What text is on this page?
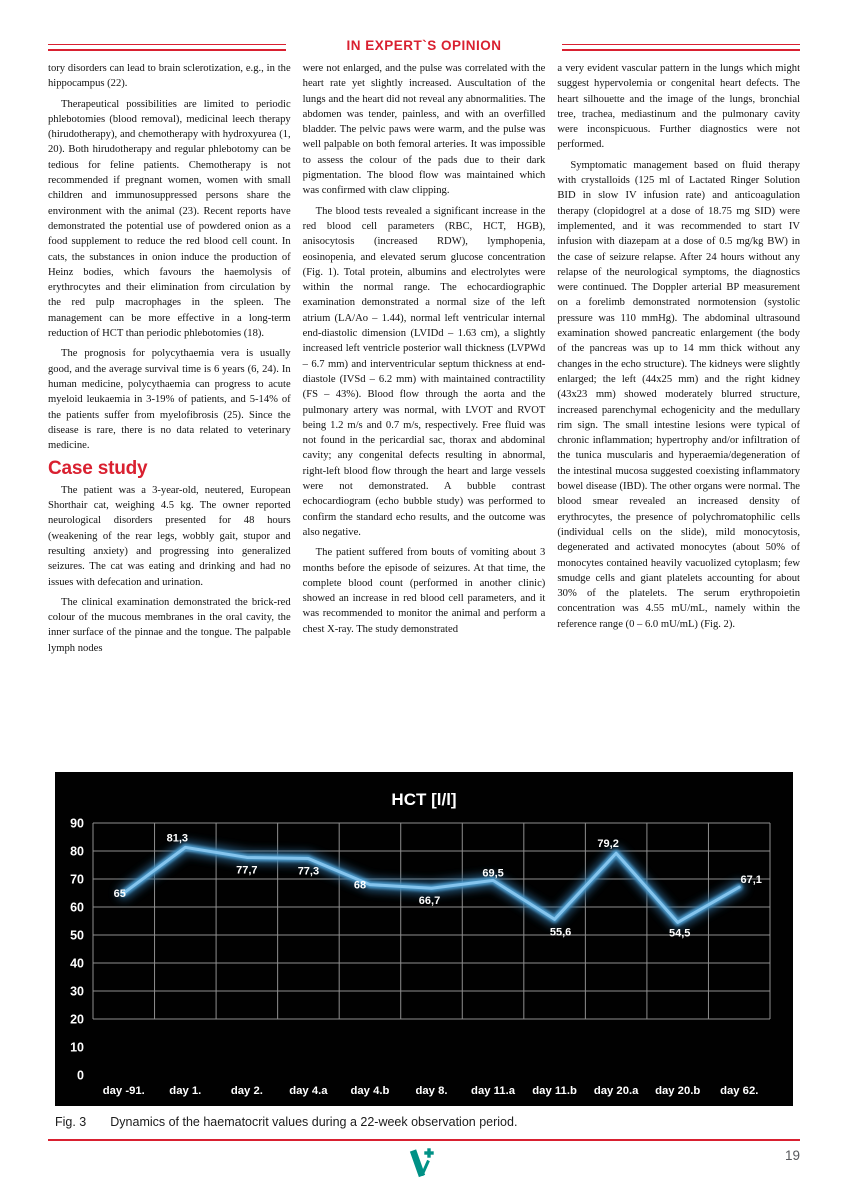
IN EXPERT`S OPINION

tory disorders can lead to brain sclerotization, e.g., in the hippocampus (22).

Therapeutical possibilities are limited to periodic phlebotomies (blood removal), medicinal leech therapy (hirudotherapy), and chemotherapy with hydroxyurea (1, 20). Both hirudotherapy and regular phlebotomy can be tedious for feline patients. Chemotherapy is not recommended if pregnant women, women with small children and immunosuppressed persons share the environment with the animal (23). Recent reports have demonstrated the potential use of powdered onion as a food supplement to reduce the red blood cell count. In cats, the substances in onion induce the production of Heinz bodies, which favours the haemolysis of erythrocytes and their elimination from circulation by the red pulp macrophages in the spleen. The management can be more effective in a long-term reduction of HCT than periodic phlebotomies (18).

The prognosis for polycythaemia vera is usually good, and the average survival time is 6 years (6, 24). In human medicine, polycythaemia can progress to acute myeloid leukaemia in 3-19% of patients, and 5-14% of the patients suffer from myelofibrosis (25). Since the disease is rare, there is no data related to veterinary medicine.

Case study

The patient was a 3-year-old, neutered, European Shorthair cat, weighing 4.5 kg. The owner reported neurological disorders presented for 48 hours (weakening of the rear legs, wobbly gait, stupor and resulting anxiety) and progressing into generalized seizures. The cat was eating and drinking and had no issues with defecation and urination.

The clinical examination demonstrated the brick-red colour of the mucous membranes in the oral cavity, the inner surface of the pinnae and the tongue. The palpable lymph nodes

were not enlarged, and the pulse was correlated with the heart rate yet slightly increased. Auscultation of the lungs and the heart did not reveal any abnormalities. The abdomen was tender, painless, and with an overfilled bladder. The pelvic paws were warm, and the pulse was well palpable on both femoral arteries. It was impossible to assess the colour of the pads due to their dark pigmentation. The blood flow was maintained which was confirmed with claw clipping.

The blood tests revealed a significant increase in the red blood cell parameters (RBC, HCT, HGB), anisocytosis (increased RDW), lymphopenia, eosinopenia, and elevated serum glucose concentration (Fig. 1). Total protein, albumins and electrolytes were within the normal range. The echocardiographic examination demonstrated a normal size of the left atrium (LA/Ao – 1.44), normal left ventricular internal end-diastolic dimension (LVIDd – 1.63 cm), a slightly increased left ventricle posterior wall thickness (LVPWd – 6.7 mm) and interventricular septum thickness at end-diastole (IVSd – 6.2 mm) with maintained contractility (FS – 43%). Blood flow through the aorta and the pulmonary artery was normal, with LVOT and RVOT being 1.2 m/s and 0.7 m/s, respectively. Free fluid was not found in the pericardial sac, thorax and abdominal cavity; any congenital defects resulting in abnormal, right-left blood flow through the heart and large vessels were not demonstrated. A bubble contrast echocardiogram (echo bubble study) was performed to confirm the standard echo results, and the outcome was also negative.

The patient suffered from bouts of vomiting about 3 months before the episode of seizures. At that time, the complete blood count (performed in another clinic) showed an increase in red blood cell parameters, and it was recommended to monitor the animal and perform a chest X-ray. The study demonstrated

a very evident vascular pattern in the lungs which might suggest hypervolemia or congenital heart defects. The heart silhouette and the image of the lungs, bronchial tree, trachea, mediastinum and the pulmonary cavity were inconspicuous. Further diagnostics were not performed.

Symptomatic management based on fluid therapy with crystalloids (125 ml of Lactated Ringer Solution BID in slow IV infusion rate) and anticoagulation therapy (clopidogrel at a dose of 18.75 mg SID) were implemented, and it was recommended to start IV infusion with diazepam at a dose of 0.5 mg/kg BW) in the case of seizure relapse. After 24 hours without any relapse of the neurological symptoms, the diagnostics were continued. The Doppler arterial BP measurement on a forelimb demonstrated normotension (systolic pressure was 110 mmHg). The abdominal ultrasound examination showed pancreatic enlargement (the body of the pancreas was up to 14 mm thick without any changes in the echo structure). The kidneys were slightly enlarged; the left (44x25 mm) and the right kidney (43x23 mm) showed moderately blurred structure, increased parenchymal echogenicity and the medullary rim sign. The small intestine lesions were typical of chronic inflammation; hypertrophy and/or infiltration of the tunica muscularis and hyperaemia/degeneration of the intestinal mucosa suggested coexisting inflammatory bowel disease (IBD). The other organs were normal. The blood smear revealed an increased density of erythrocytes, the presence of polychromatophilic cells (individual cells on the slide), mild monocytosis, degenerated and activated monocytes (about 50% of monocytes contained heavily vacuolized cytoplasm; few smudge cells and giant platelets accounting for about 30% of the platelets. The serum erythropoietin concentration was 4.55 mU/mL, namely within the reference range (0 – 6.0 mU/mL) (Fig. 2).

HCT [l/l]
0
10
20
30
40
50
60
70
80
90
day -91. day 1.	day 2. day 4.a day 4.b day 8. day 11.a day 11.b day 20.a day 20.b day 62.
65
81,3
77,7	77,3
68
66,7
69,5
55,6
79,2
54,5
67,1
Fig. 3 Dynamics of the haematocrit values during a 22-week observation period.
19
